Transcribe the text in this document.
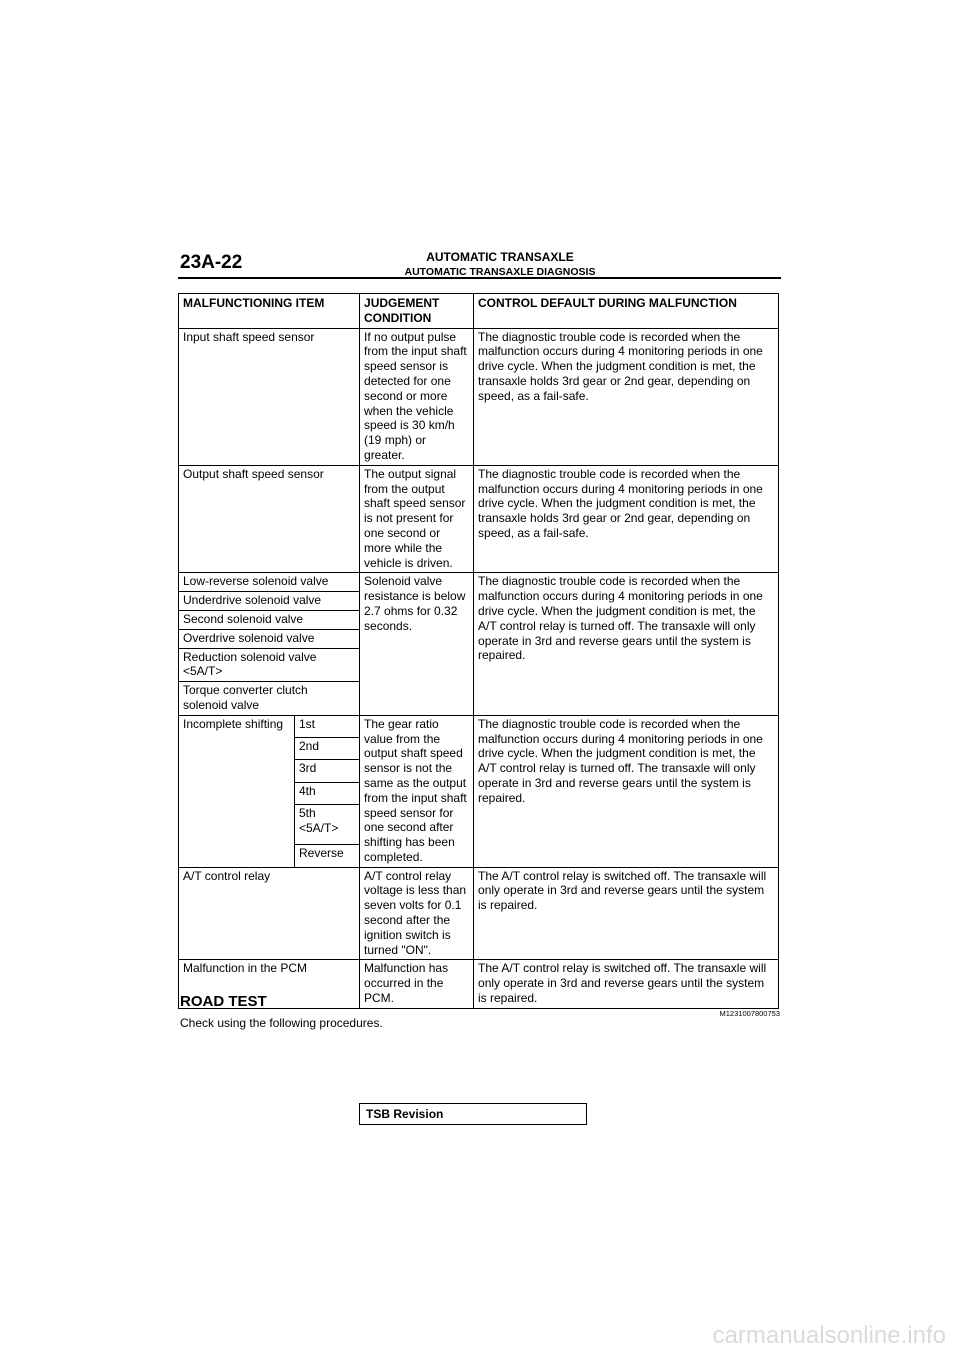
23A-22	AUTOMATIC TRANSAXLE
AUTOMATIC TRANSAXLE DIAGNOSIS
MALFUNCTIONING ITEM		JUDGEMENT CONDITION	CONTROL DEFAULT DURING MALFUNCTION
Input shaft speed sensor		If no output pulse from the input shaft speed sensor is detected for one second or more when the vehicle speed is 30 km/h (19 mph) or greater.	The diagnostic trouble code is recorded when the malfunction occurs during 4 monitoring periods in one drive cycle. When the judgment condition is met, the transaxle holds 3rd gear or 2nd gear, depending on speed, as a fail-safe.
Output shaft speed sensor		The output signal from the output shaft speed sensor is not present for one second or more while the vehicle is driven.	The diagnostic trouble code is recorded when the malfunction occurs during 4 monitoring periods in one drive cycle. When the judgment condition is met, the transaxle holds 3rd gear or 2nd gear, depending on speed, as a fail-safe.
Low-reverse solenoid valve		Solenoid valve resistance is below 2.7 ohms for 0.32 seconds.	The diagnostic trouble code is recorded when the malfunction occurs during 4 monitoring periods in one drive cycle. When the judgment condition is met, the A/T control relay is turned off. The transaxle will only operate in 3rd and reverse gears until the system is repaired.
Underdrive solenoid valve			
Second solenoid valve			
Overdrive solenoid valve			
Reduction solenoid valve <5A/T>			
Torque converter clutch solenoid valve			
Incomplete shifting	1st	The gear ratio value from the output shaft speed sensor is not the same as the output from the input shaft speed sensor for one second after shifting has been completed.	The diagnostic trouble code is recorded when the malfunction occurs during 4 monitoring periods in one drive cycle. When the judgment condition is met, the A/T control relay is turned off. The transaxle will only operate in 3rd and reverse gears until the system is repaired.
	2nd		
	3rd		
	4th		
	5th <5A/T>		
	Reverse		
A/T control relay		A/T control relay voltage is less than seven volts for 0.1 second after the ignition switch is turned "ON".	The A/T control relay is switched off. The transaxle will only operate in 3rd and reverse gears until the system is repaired.
Malfunction in the PCM		Malfunction has occurred in the PCM.	The A/T control relay is switched off. The transaxle will only operate in 3rd and reverse gears until the system is repaired.
ROAD TEST
M1231007800753
Check using the following procedures.
TSB Revision
carmanualsonline.info
